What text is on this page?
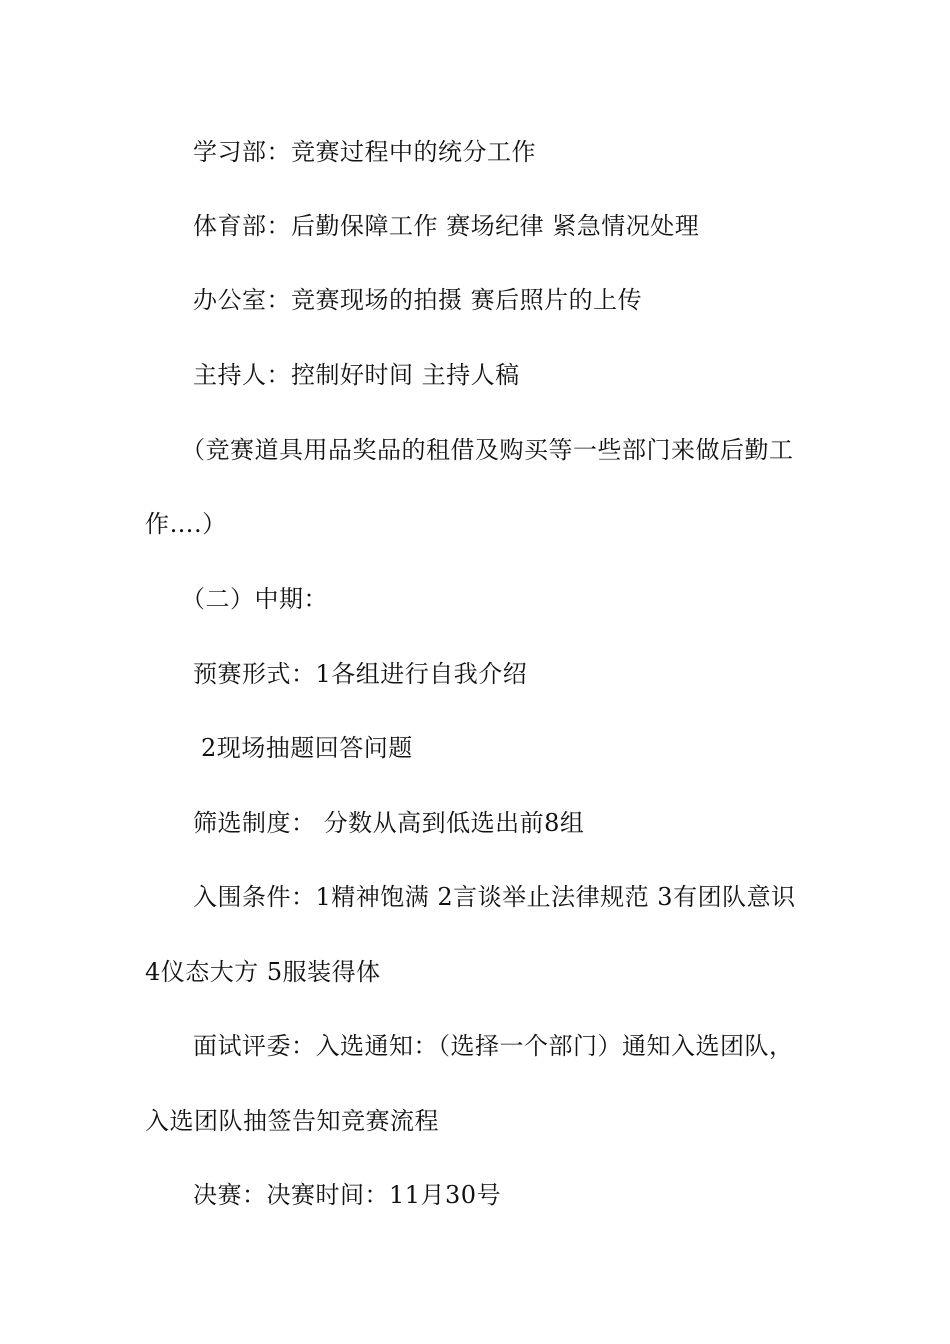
学习部：竞赛过程中的统分工作
体育部：后勤保障工作 赛场纪律 紧急情况处理
办公室：竞赛现场的拍摄 赛后照片的上传
主持人：控制好时间 主持人稿
（竞赛道具用品奖品的租借及购买等一些部门来做后勤工
作….）
（二）中期：
预赛形式：1各组进行自我介绍
2现场抽题回答问题
筛选制度： 分数从高到低选出前8组
入围条件：1精神饱满 2言谈举止法律规范 3有团队意识
4仪态大方 5服装得体
面试评委：入选通知：（选择一个部门）通知入选团队，
入选团队抽签告知竞赛流程
决赛：决赛时间：11月30号
